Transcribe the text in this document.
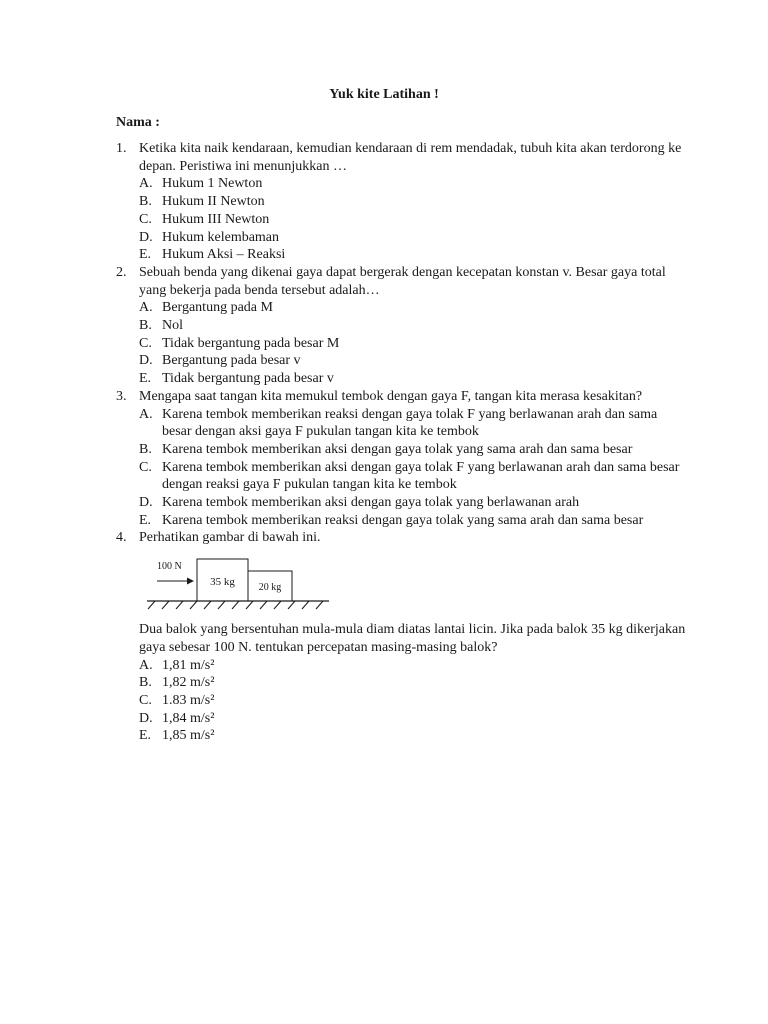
Yuk kite Latihan !
Nama :
1. Ketika kita naik kendaraan, kemudian kendaraan di rem mendadak, tubuh kita akan terdorong ke depan. Peristiwa ini menunjukkan …
A. Hukum 1 Newton
B. Hukum II Newton
C. Hukum III Newton
D. Hukum kelembaman
E. Hukum Aksi – Reaksi
2. Sebuah benda yang dikenai gaya dapat bergerak dengan kecepatan konstan v. Besar gaya total yang bekerja pada benda tersebut adalah…
A. Bergantung pada M
B. Nol
C. Tidak bergantung pada besar M
D. Bergantung pada besar v
E. Tidak bergantung pada besar v
3. Mengapa saat tangan kita memukul tembok dengan gaya F, tangan kita merasa kesakitan?
A. Karena tembok memberikan reaksi dengan gaya tolak F yang berlawanan arah dan sama besar dengan aksi gaya F pukulan tangan kita ke tembok
B. Karena tembok memberikan aksi dengan gaya tolak yang sama arah dan sama besar
C. Karena tembok memberikan aksi dengan gaya tolak F yang berlawanan arah dan sama besar dengan reaksi gaya F pukulan tangan kita ke tembok
D. Karena tembok memberikan aksi dengan gaya tolak yang berlawanan arah
E. Karena tembok memberikan reaksi dengan gaya tolak yang sama arah dan sama besar
4. Perhatikan gambar di bawah ini.
100 N
35 kg 20 kg
Dua balok yang bersentuhan mula-mula diam diatas lantai licin. Jika pada balok 35 kg dikerjakan gaya sebesar 100 N. tentukan percepatan masing-masing balok?
A. 1,81 m/s²
B. 1,82 m/s²
C. 1.83 m/s²
D. 1,84 m/s²
E. 1,85 m/s²
